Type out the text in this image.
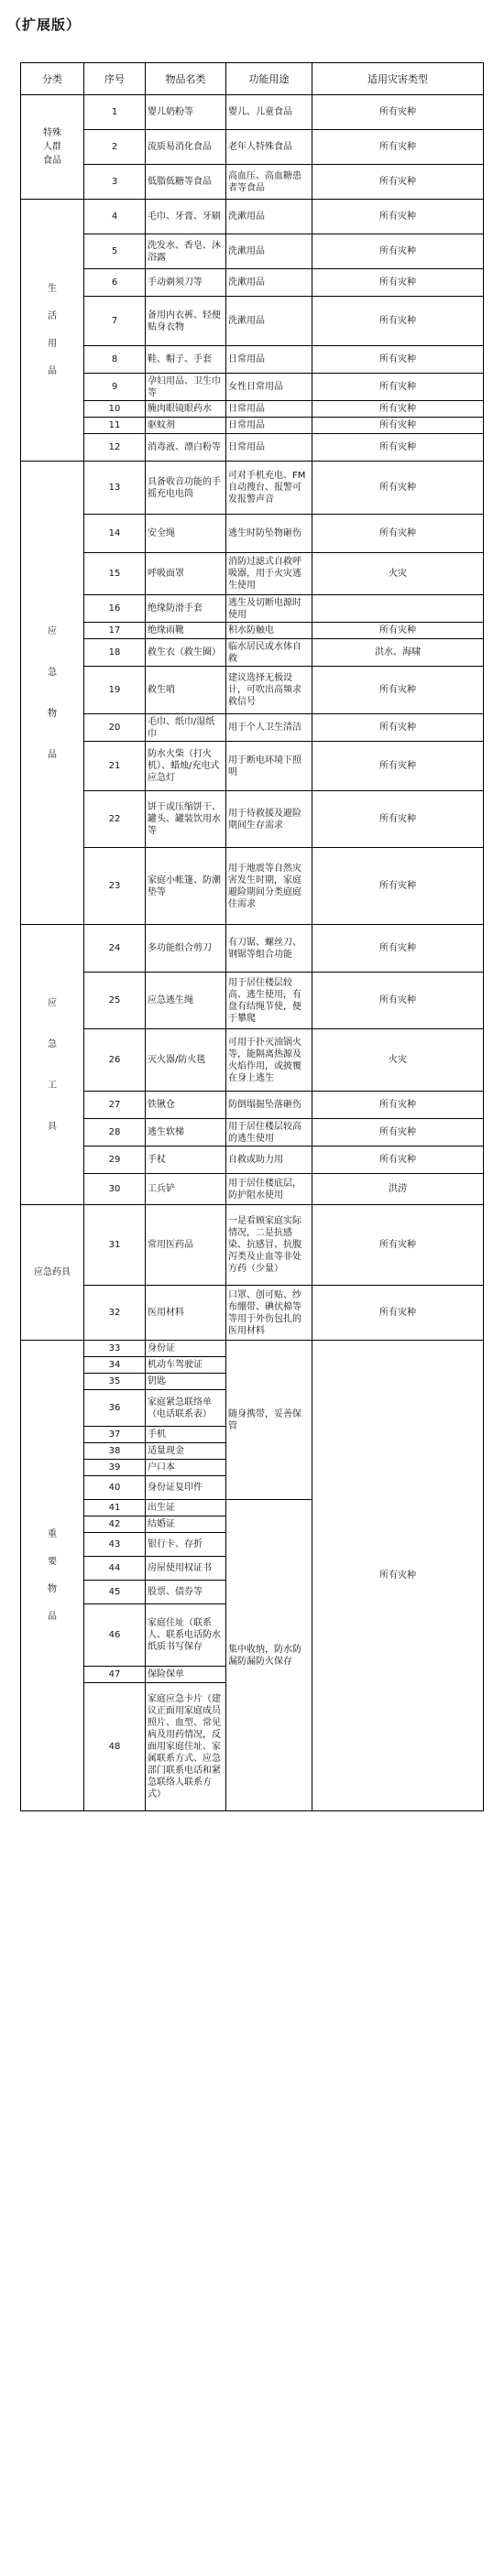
（扩展版）
分类	序号	物品名类	功能用途	适用灾害类型

特殊
人群
食品	1	婴儿奶粉等	婴儿、儿童食品	所有灾种
	2	流质易消化食品	老年人特殊食品	所有灾种
	3	低脂低糖等食品	高血压、高血糖患者等食品	所有灾种

生

活

用

品	4	毛巾、牙膏、牙刷	洗漱用品	所有灾种
	5	洗发水、香皂、沐浴露	洗漱用品	所有灾种
	6	手动剃须刀等	洗漱用品	所有灾种
	7	备用内衣裤、轻便贴身衣物	洗漱用品	所有灾种
	8	鞋、帽子、手套	日常用品	所有灾种
	9	孕妇用品、卫生巾等	女性日常用品	所有灾种
	10	腌肉眼镜眼药水	日常用品	所有灾种
	11	驱蚊剂	日常用品	所有灾种
	12	消毒液、漂白粉等	日常用品	所有灾种

应

急

物

品	13	具备收音功能的手摇充电电筒	可对手机充电、FM自动搜台、报警可发报警声音	所有灾种
	14	安全绳	逃生时防坠物砸伤	所有灾种
	15	呼吸面罩	消防过滤式自救呼吸器，用于火灾逃生使用	火灾
	16	绝缘防滑手套	逃生及切断电源时使用	
	17	绝缘雨靴	积水防触电	所有灾种
	18	救生衣（救生圈）	临水居民或水体自救	洪水、海啸
	19	救生哨	建议选择无极设计，可吹出高频求救信号	所有灾种
	20	毛巾、纸巾/湿纸巾	用于个人卫生清洁	所有灾种
	21	防水火柴（打火机）、蜡烛/充电式应急灯	用于断电环境下照明	所有灾种
	22	饼干或压缩饼干、罐头、罐装饮用水等	用于待救援及避险期间生存需求	所有灾种
	23	家庭小帐篷、防潮垫等	用于地震等自然灾害发生时期，家庭避险期间分类庭庭住需求	所有灾种

应

急

工

具	24	多功能组合剪刀	有刀锯、螺丝刀、钢锯等组合功能	所有灾种
	25	应急逃生绳	用于居住楼层较高、逃生使用，有盘有结绳节使，便于攀爬	所有灾种
	26	灭火器/防火毯	可用于扑灭油锅火等，能隔离热源及火焰作用，或披覆在身上逃生	火灾
	27	铁锹仓	防倒塌掘坠落砸伤	所有灾种
	28	逃生软梯	用于居住楼层较高的逃生使用	所有灾种
	29	手杖	自救或助力用	所有灾种
	30	工兵铲	用于居住楼底层，防护阻水使用	洪涝

应急药具	31	常用医药品	一是看顾家庭实际情况，二是抗感染、抗感冒、抗腹泻类及止血等非处方药（少量）	所有灾种
	32	医用材料	口罩、创可贴、纱布绷带、碘伏棉等等用于外伤包扎的医用材料	所有灾种

重

要

物

品	33	身份证	随身携带，妥善保管	所有灾种
	34	机动车驾驶证		
	35	钥匙		
	36	家庭紧急联络单（电话联系表）		
	37	手机		
	38	适量现金		
	39	户口本		
	40	身份证复印件		
	41	出生证	集中收纳，防水防漏防漏防火保存	
	42	结婚证		
	43	银行卡、存折		
	44	房屋使用权证书		
	45	股票、债券等		
	46	家庭住址（联系人、联系电话防水纸质书写保存		
	47	保险保单		
	48	家庭应急卡片（建议正面用家庭成员照片、血型、常见病及用药情况，反面用家庭住址、家属联系方式、应急部门联系电话和紧急联络人联系方式）		
